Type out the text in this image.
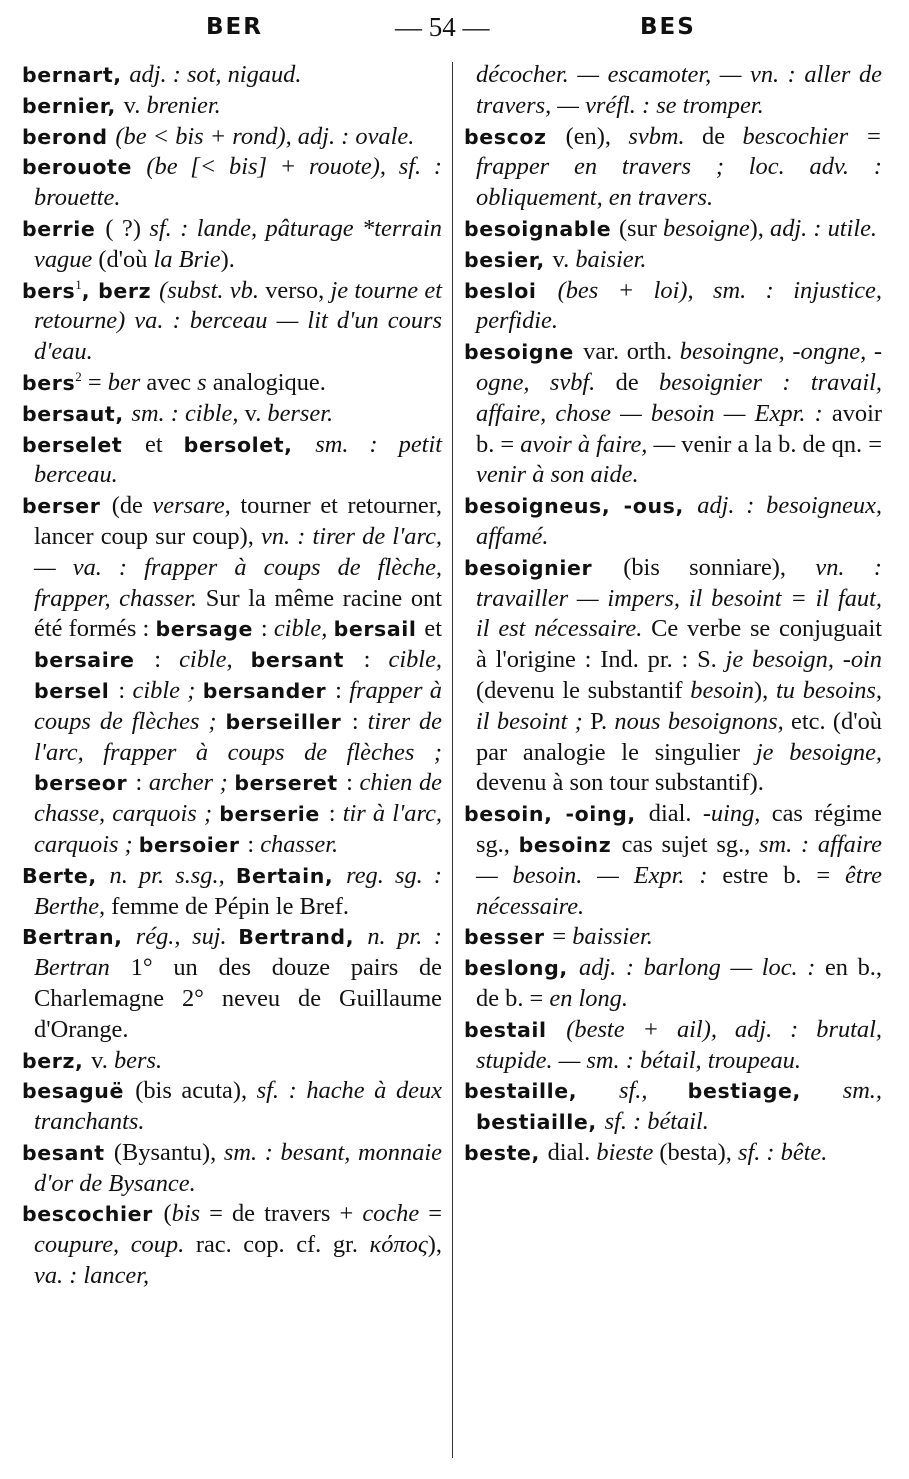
BER	— 54 —	BES

bernart, adj. : sot, nigaud.

bernier, v. brenier.

berond (be < bis + rond), adj. : ovale.

berouote (be [< bis] + rouote), sf. : brouette.

berrie ( ?) sf. : lande, pâturage *terrain vague (d'où la Brie).

bers$^1$, berz (subst. vb. verso, je tourne et retourne) va. : berceau — lit d'un cours d'eau.

bers$^2$ = ber avec s analogique.

bersaut, sm. : cible, v. berser.

berselet et bersolet, sm. : petit berceau.

berser (de versare, tourner et retourner, lancer coup sur coup), vn. : tirer de l'arc, — va. : frapper à coups de flèche, frapper, chasser. Sur la même racine ont été formés : bersage : cible, bersail et bersaire : cible, bersant : cible, bersel : cible ; bersander : frapper à coups de flèches ; berseiller : tirer de l'arc, frapper à coups de flèches ; berseor : archer ; berseret : chien de chasse, carquois ; berserie : tir à l'arc, carquois ; bersoier : chasser.

Berte, n. pr. s.sg., Bertain, reg. sg. : Berthe, femme de Pépin le Bref.

Bertran, rég., suj. Bertrand, n. pr. : Bertran 1° un des douze pairs de Charlemagne 2° neveu de Guillaume d'Orange.

berz, v. bers.

besaguë (bis acuta), sf. : hache à deux tranchants.

besant (Bysantu), sm. : besant, monnaie d'or de Bysance.

bescochier (bis = de travers + coche = coupure, coup. rac. cop. cf. gr. κόπος), va. : lancer,

décocher. — escamoter, — vn. : aller de travers, — vréfl. : se tromper.

bescoz (en), svbm. de bescochier = frapper en travers ; loc. adv. : obliquement, en travers.

besoignable (sur besoigne), adj. : utile.

besier, v. baisier.

besloi (bes + loi), sm. : injustice, perfidie.

besoigne var. orth. besoingne, -ongne, -ogne, svbf. de besoignier : travail, affaire, chose — besoin — Expr. : avoir b. = avoir à faire, — venir a la b. de qn. = venir à son aide.

besoigneus, -ous, adj. : besoigneux, affamé.

besoignier (bis sonniare), vn. : travailler — impers, il besoint = il faut, il est nécessaire. Ce verbe se conjuguait à l'origine : Ind. pr. : S. je besoign, -oin (devenu le substantif besoin), tu besoins, il besoint ; P. nous besoignons, etc. (d'où par analogie le singulier je besoigne, devenu à son tour substantif).

besoin, -oing, dial. -uing, cas régime sg., besoinz cas sujet sg., sm. : affaire — besoin. — Expr. : estre b. = être nécessaire.

besser = baissier.

beslong, adj. : barlong — loc. : en b., de b. = en long.

bestail (beste + ail), adj. : brutal, stupide. — sm. : bétail, troupeau.

bestaille, sf., bestiage, sm., bestiaille, sf. : bétail.

beste, dial. bieste (besta), sf. : bête.
